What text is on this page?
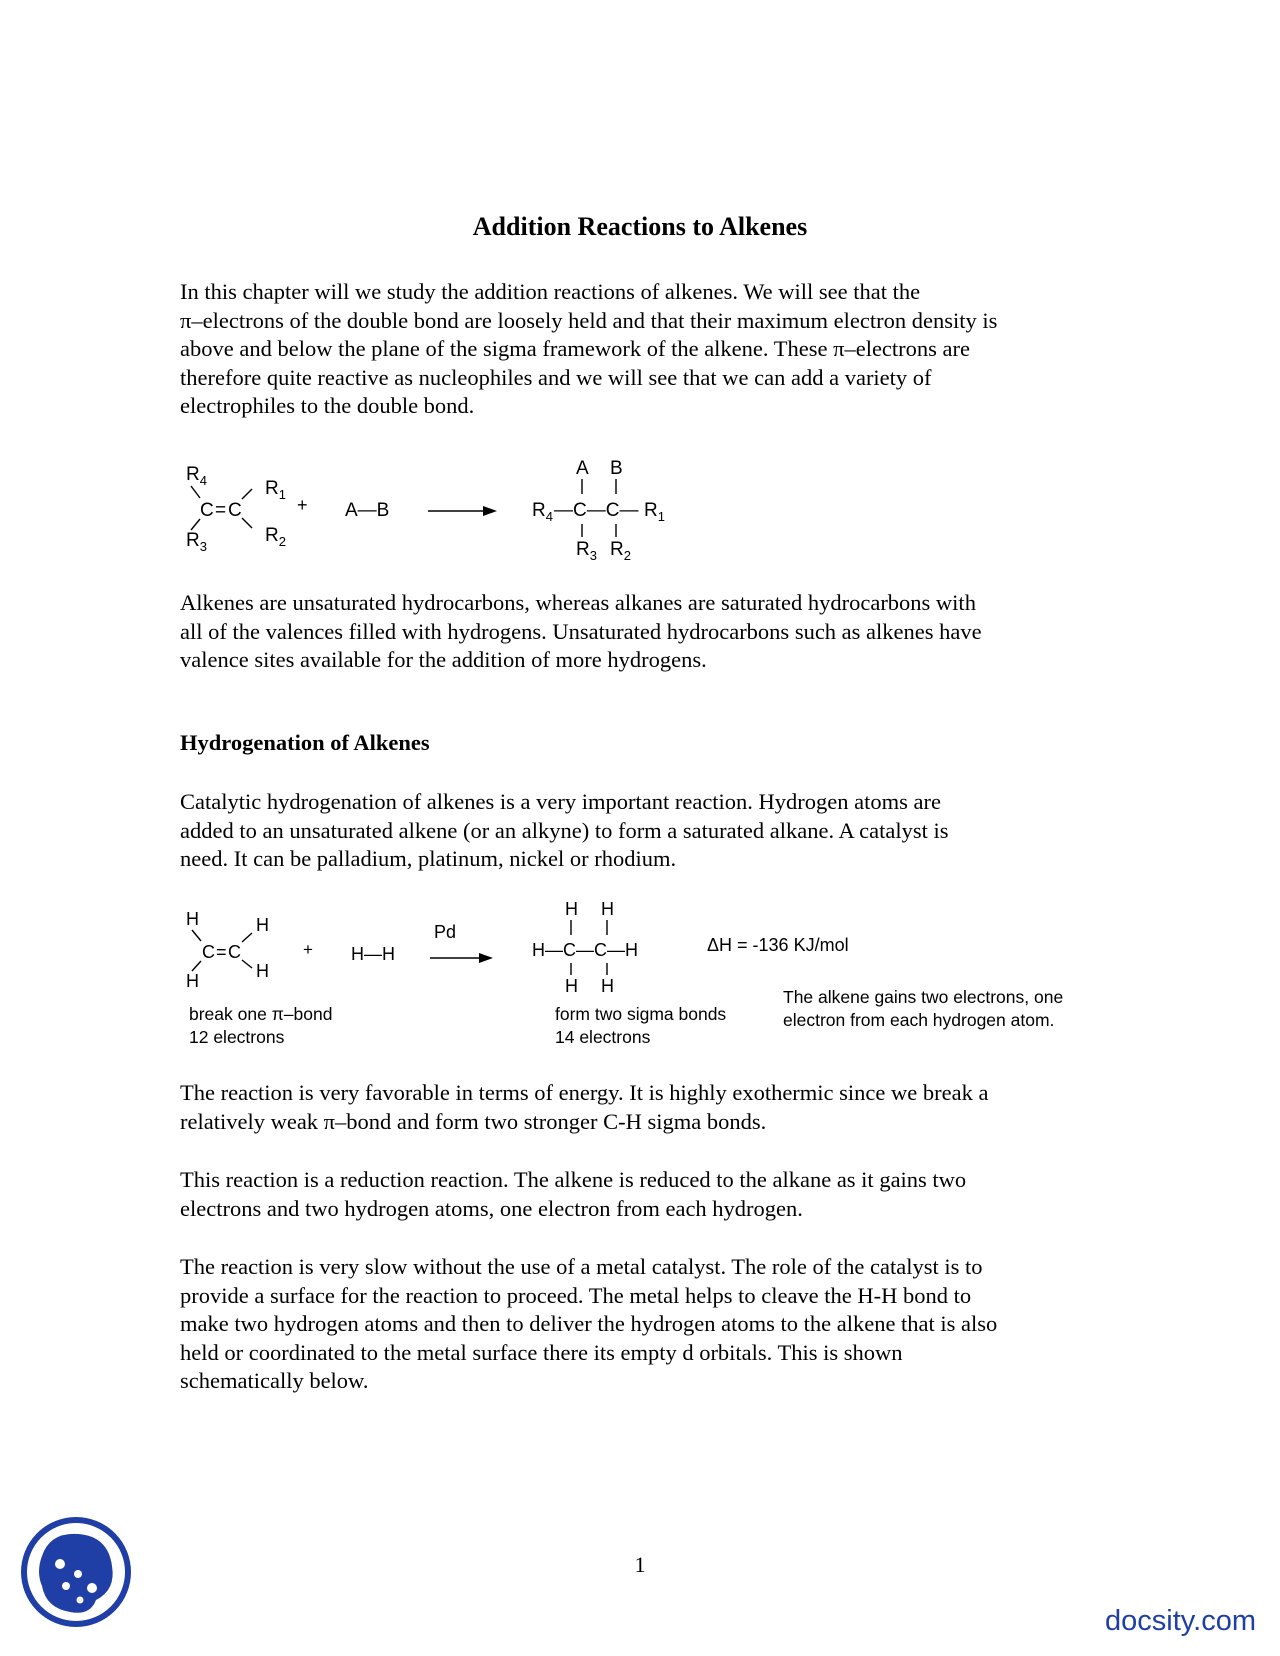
Addition Reactions to Alkenes
In this chapter will we study the addition reactions of alkenes. We will see that the
π–electrons of the double bond are loosely held and that their maximum electron density is
above and below the plane of the sigma framework of the alkene. These π–electrons are
therefore quite reactive as nucleophiles and we will see that we can add a variety of
electrophiles to the double bond.
$R_4$	$R_1$
$R_3$
$R_2$
C = C	+ A—B
A B
$R_4$ —C—C— $R_1$
$R_3$ $R_2$
Alkenes are unsaturated hydrocarbons, whereas alkanes are saturated hydrocarbons with
all of the valences filled with hydrogens. Unsaturated hydrocarbons such as alkenes have
valence sites available for the addition of more hydrogens.
Hydrogenation of Alkenes
Catalytic hydrogenation of alkenes is a very important reaction. Hydrogen atoms are
added to an unsaturated alkene (or an alkyne) to form a saturated alkane. A catalyst is
need. It can be palladium, platinum, nickel or rhodium.
H	H
H	H
C = C	+ H—H
Pd
H H
H—C—C—H
H H
ΔH = -136 KJ/mol
break one π–bond
12 electrons
form two sigma bonds
14 electrons
The alkene gains two electrons, one
electron from each hydrogen atom.
The reaction is very favorable in terms of energy. It is highly exothermic since we break a
relatively weak π–bond and form two stronger C-H sigma bonds.
This reaction is a reduction reaction. The alkene is reduced to the alkane as it gains two
electrons and two hydrogen atoms, one electron from each hydrogen.
The reaction is very slow without the use of a metal catalyst. The role of the catalyst is to
provide a surface for the reaction to proceed. The metal helps to cleave the H-H bond to
make two hydrogen atoms and then to deliver the hydrogen atoms to the alkene that is also
held or coordinated to the metal surface there its empty d orbitals. This is shown
schematically below.
1
docsity.com
